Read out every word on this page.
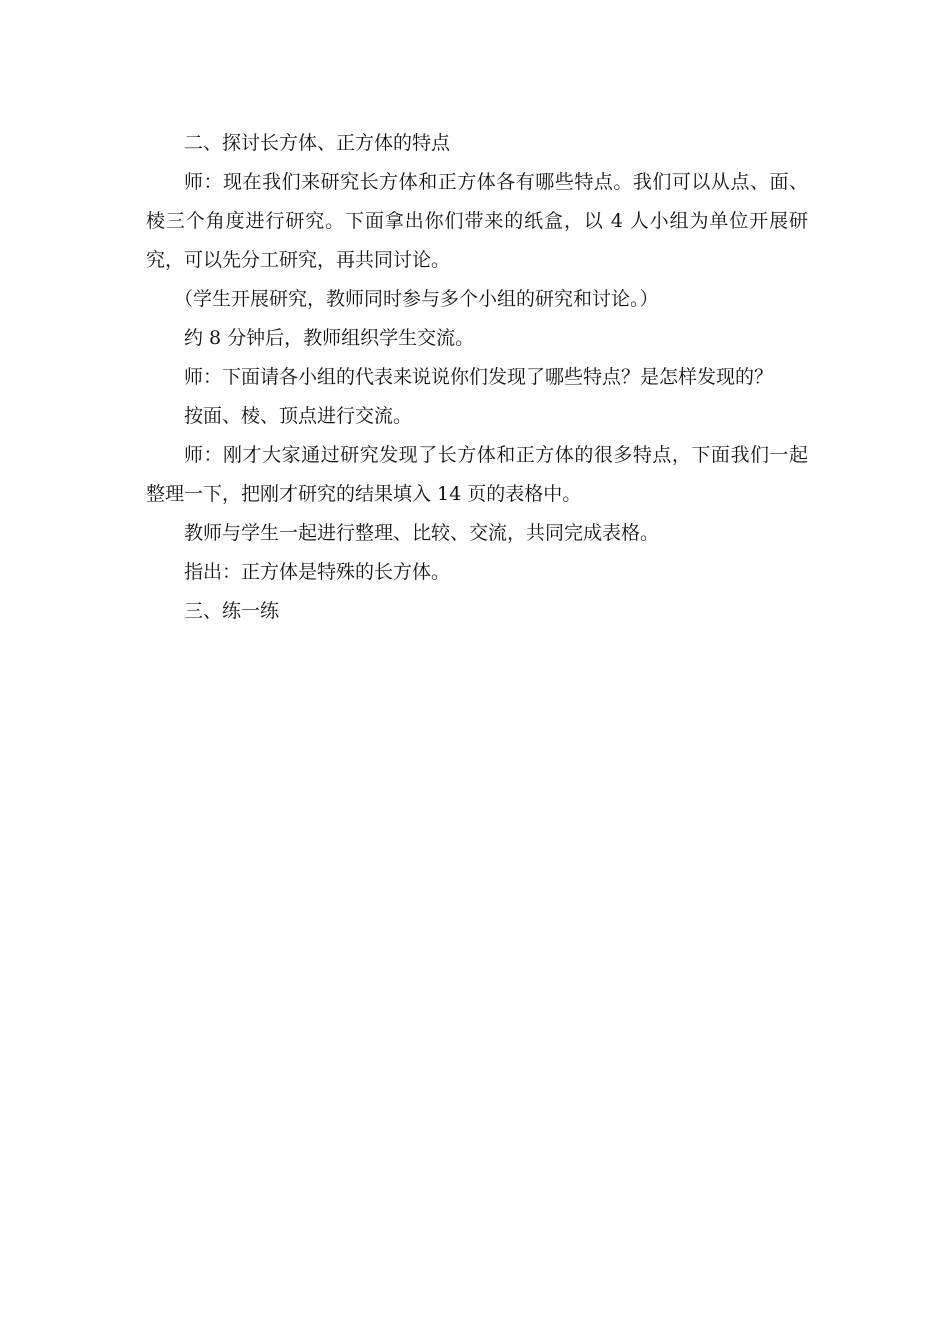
二、探讨长方体、正方体的特点

师：现在我们来研究长方体和正方体各有哪些特点。我们可以从点、面、棱三个角度进行研究。下面拿出你们带来的纸盒，以 4 人小组为单位开展研究，可以先分工研究，再共同讨论。

（学生开展研究，教师同时参与多个小组的研究和讨论。）

约 8 分钟后，教师组织学生交流。

师：下面请各小组的代表来说说你们发现了哪些特点？是怎样发现的？

按面、棱、顶点进行交流。

师：刚才大家通过研究发现了长方体和正方体的很多特点，下面我们一起整理一下，把刚才研究的结果填入 14 页的表格中。

教师与学生一起进行整理、比较、交流，共同完成表格。

指出：正方体是特殊的长方体。

三、练一练
